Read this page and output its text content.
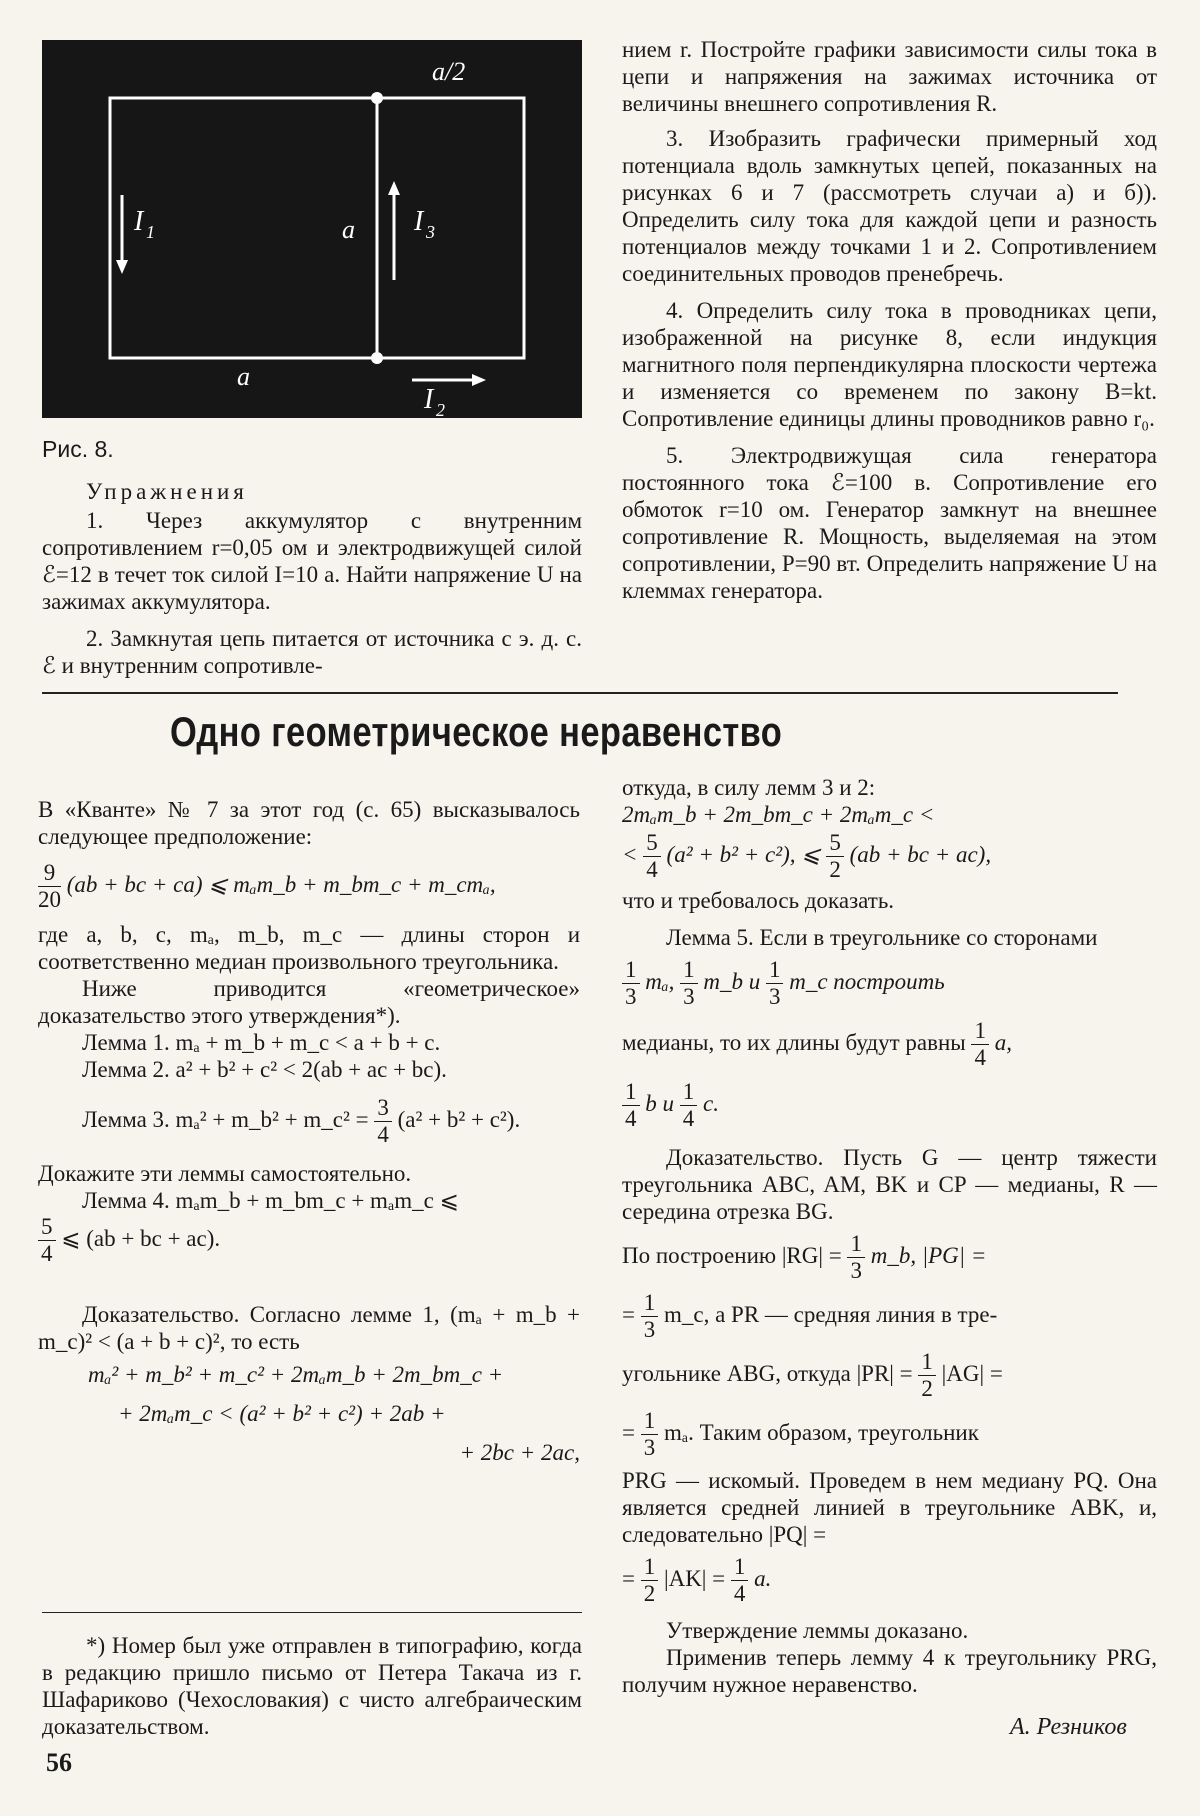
a/2
I 1	a I 3
a
I 2
Рис. 8.

Упражнения

1. Через аккумулятор с внутренним сопротивлением r=0,05 ом и электродвижущей силой ℰ=12 в течет ток силой I=10 а. Найти напряжение U на зажимах аккумулятора.

2. Замкнутая цепь питается от источника с э. д. с. ℰ и внутренним сопротивле-

нием r. Постройте графики зависимости силы тока в цепи и напряжения на зажимах источника от величины внешнего сопротивления R.

3. Изобразить графически примерный ход потенциала вдоль замкнутых цепей, показанных на рисунках 6 и 7 (рассмотреть случаи а) и б)). Определить силу тока для каждой цепи и разность потенциалов между точками 1 и 2. Сопротивлением соединительных проводов пренебречь.

4. Определить силу тока в проводниках цепи, изображенной на рисунке 8, если индукция магнитного поля перпендикулярна плоскости чертежа и изменяется со временем по закону B=kt. Сопротивление единицы длины проводников равно r₀.

5. Электродвижущая сила генератора постоянного тока ℰ=100 в. Сопротивление его обмоток r=10 ом. Генератор замкнут на внешнее сопротивление R. Мощность, выделяемая на этом сопротивлении, P=90 вт. Определить напряжение U на клеммах генератора.

Одно геометрическое неравенство

В «Кванте» № 7 за этот год (с. 65) высказывалось следующее предположение:

$\frac{9}{20} (ab$ + bc + ca) ⩽ mₐm_b + m_bm_c + m_cmₐ,

где a, b, c, mₐ, m_b, m_c — длины сторон и соответственно медиан произвольного треугольника.

Ниже приводится «геометрическое» доказательство этого утверждения*).

Лемма 1. mₐ + m_b + m_c < a + b + c.

Лемма 2. a² + b² + c² < 2(ab + ac + bc).

Лемма 3. mₐ² + m_b² + m_c² = $\frac{3}{4} (a^2 + b^2 + c^2)$.

Докажите эти леммы самостоятельно.

Лемма 4. mₐm_b + m_bm_c + mₐm_c ⩽

$\frac{5}{4}$ ⩽ (ab + bc + ac).

Доказательство. Согласно лемме 1, (mₐ + m_b + m_c)² < (a + b + c)², то есть

mₐ² + m_b² + m_c² + 2mₐm_b + 2m_bm_c +

+ 2mₐm_c < (a² + b² + c²) + 2ab +

+ 2bc + 2ac,

*) Номер был уже отправлен в типографию, когда в редакцию пришло письмо от Петера Такача из г. Шафариково (Чехословакия) с чисто алгебраическим доказательством.

откуда, в силу лемм 3 и 2:

2mₐm_b + 2m_bm_c + 2mₐm_c <

< $\frac{5}{4} (a^2 + b^2 + c^2)$, ⩽ $\frac{5}{2} (ab$ + bc + ac),

что и требовалось доказать.

Лемма 5. Если в треугольнике со сторонами

$\frac{1}{3} m_a$, $\frac{1}{3}$ m_b и $\frac{1}{3}$ m_c построить
медианы, то их длины будут равны $\frac{1}{4} a$,
$\frac{1}{4}$ b и $\frac{1}{4} c$.

Доказательство. Пусть G — центр тяжести треугольника ABC, AM, BK и CP — медианы, R — середина отрезка BG.

По построению $|RG| = \frac{1}{3}$ m_b, |PG| =
= $\frac{1}{3}$ m_c, а PR — средняя линия в тре-
угольнике ABG, откуда $|PR| = \frac{1}{2} |AG|$ =
= $\frac{1}{3} m_a$. Таким образом, треугольник

PRG — искомый. Проведем в нем медиану PQ. Она является средней линией в треугольнике ABK, и, следовательно |PQ| =

= $\frac{1}{2} |AK| = \frac{1}{4} a$.

Утверждение леммы доказано.

Применив теперь лемму 4 к треугольнику PRG, получим нужное неравенство.

А. Резников
56
